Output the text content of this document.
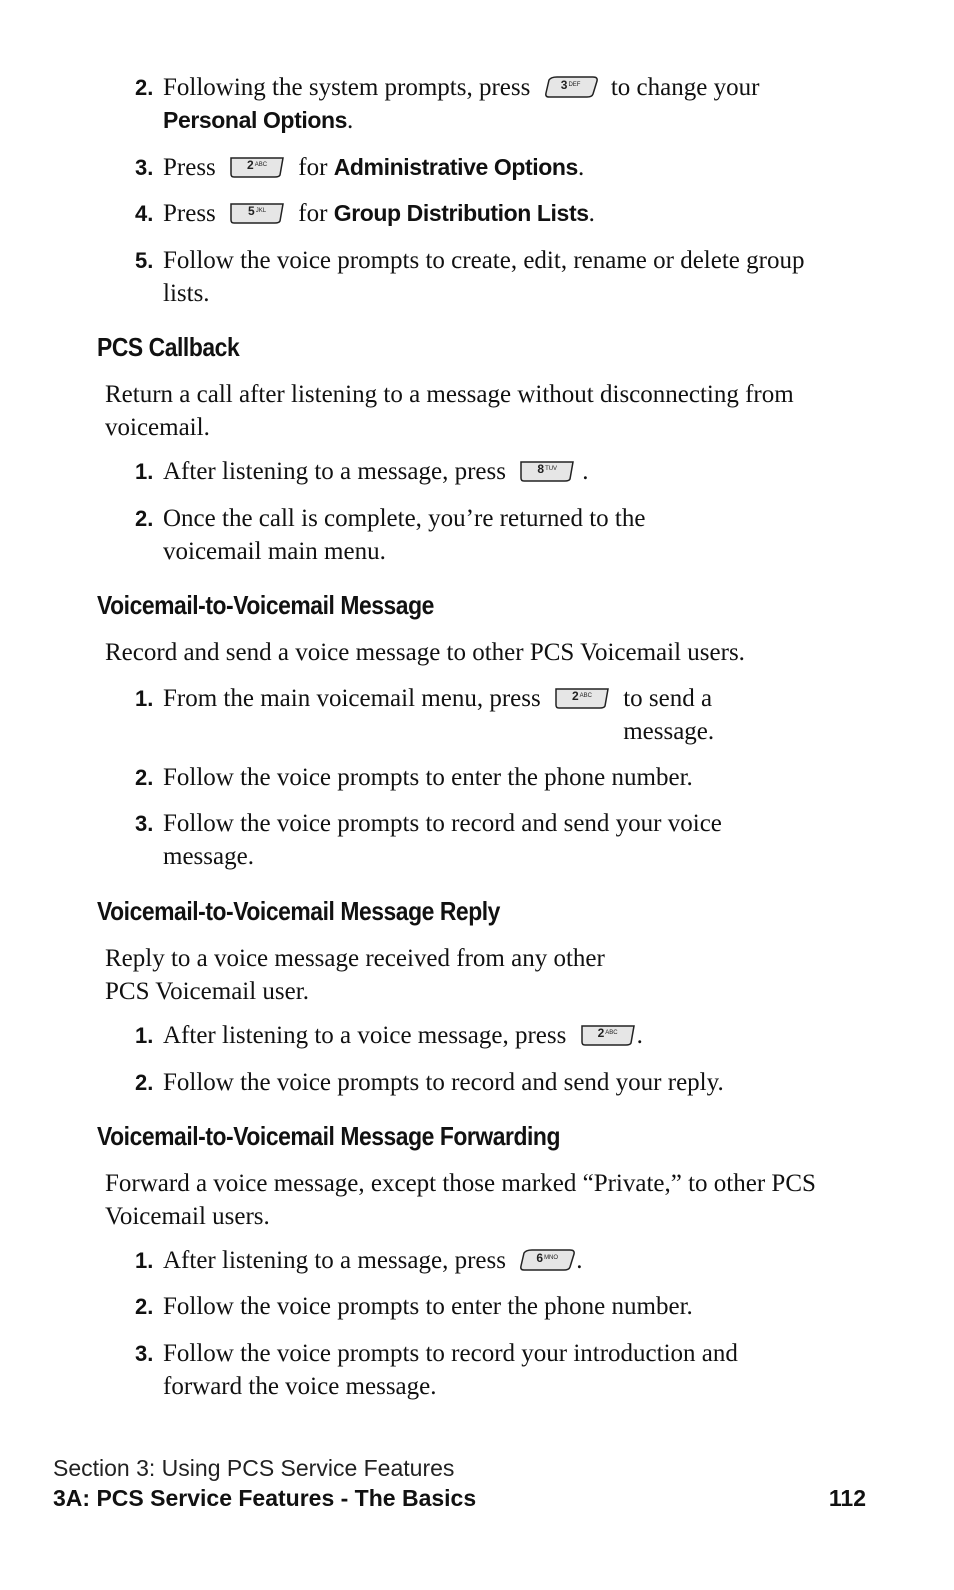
2. Following the system prompts, press	$3^{DEF}$	to change your
Personal Options.
3. Press	$2^{ABC}$	for Administrative Options.
4. Press	$5^{JKL}$	for Group Distribution Lists.
5. Follow the voice prompts to create, edit, rename or delete group lists.
PCS Callback
Return a call after listening to a message without disconnecting from voicemail.
1. After listening to a message, press	$8^{TUV}$	.
2. Once the call is complete, you’re returned to the voicemail main menu.
Voicemail-to-Voicemail Message
Record and send a voice message to other PCS Voicemail users.
1. From the main voicemail menu, press	$2^{ABC}$	to send a message.
2. Follow the voice prompts to enter the phone number.
3. Follow the voice prompts to record and send your voice message.
Voicemail-to-Voicemail Message Reply
Reply to a voice message received from any other
PCS Voicemail user.
1. After listening to a voice message, press	$2^{ABC}$ .
2. Follow the voice prompts to record and send your reply.
Voicemail-to-Voicemail Message Forwarding
Forward a voice message, except those marked “Private,” to other PCS Voicemail users.
1. After listening to a message, press	$6^{MNO}$ .
2. Follow the voice prompts to enter the phone number.
3. Follow the voice prompts to record your introduction and forward the voice message.
Section 3: Using PCS Service Features
3A: PCS Service Features - The Basics	112
